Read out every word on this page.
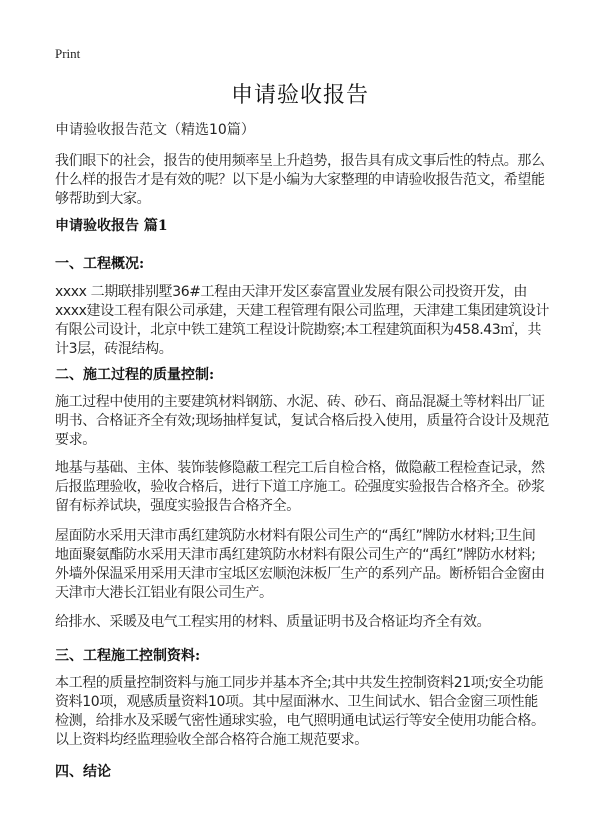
Print
申请验收报告
申请验收报告范文（精选10篇）

我们眼下的社会，报告的使用频率呈上升趋势，报告具有成文事后性的特点。那么什么样的报告才是有效的呢？以下是小编为大家整理的申请验收报告范文，希望能够帮助到大家。

申请验收报告 篇1
一、工程概况:

xxxx 二期联排别墅36#工程由天津开发区泰富置业发展有限公司投资开发，由xxxx建设工程有限公司承建，天建工程管理有限公司监理，天津建工集团建筑设计有限公司设计，北京中铁工建筑工程设计院勘察;本工程建筑面积为458.43㎡，共计3层，砖混结构。

二、施工过程的质量控制:

施工过程中使用的主要建筑材料钢筋、水泥、砖、砂石、商品混凝土等材料出厂证明书、合格证齐全有效;现场抽样复试，复试合格后投入使用，质量符合设计及规范要求。

地基与基础、主体、装饰装修隐蔽工程完工后自检合格，做隐蔽工程检查记录，然后报监理验收，验收合格后，进行下道工序施工。砼强度实验报告合格齐全。砂浆留有标养试块，强度实验报告合格齐全。

屋面防水采用天津市禹红建筑防水材料有限公司生产的“禹红”牌防水材料;卫生间地面聚氨酯防水采用天津市禹红建筑防水材料有限公司生产的“禹红”牌防水材料;外墙外保温采用采用天津市宝坻区宏顺泡沫板厂生产的系列产品。断桥铝合金窗由天津市大港长江铝业有限公司生产。

给排水、采暖及电气工程实用的材料、质量证明书及合格证均齐全有效。

三、工程施工控制资料:

本工程的质量控制资料与施工同步并基本齐全;其中共发生控制资料21项;安全功能资料10项，观感质量资料10项。其中屋面淋水、卫生间试水、铝合金窗三项性能检测，给排水及采暖气密性通球实验，电气照明通电试运行等安全使用功能合格。以上资料均经监理验收全部合格符合施工规范要求。

四、结论
